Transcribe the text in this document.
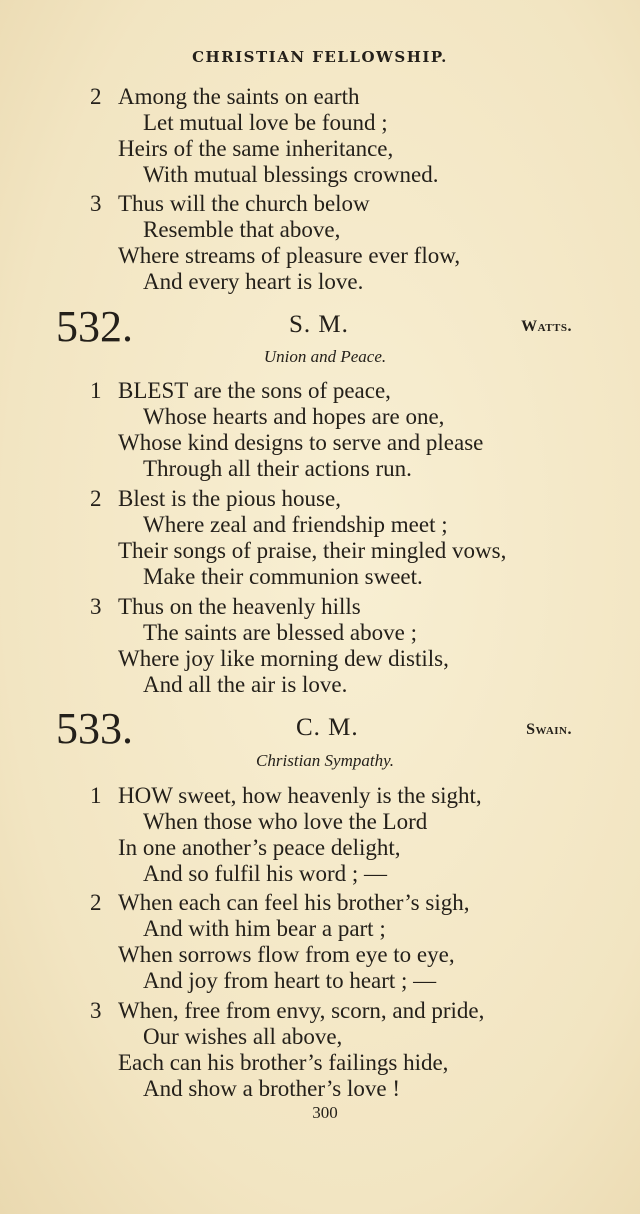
CHRISTIAN FELLOWSHIP.
2 Among the saints on earth
Let mutual love be found ;
Heirs of the same inheritance,
With mutual blessings crowned.
3 Thus will the church below
Resemble that above,
Where streams of pleasure ever flow,
And every heart is love.
532.	S. M.	Watts.
Union and Peace.
1 BLEST are the sons of peace,
Whose hearts and hopes are one,
Whose kind designs to serve and please
Through all their actions run.
2 Blest is the pious house,
Where zeal and friendship meet ;
Their songs of praise, their mingled vows,
Make their communion sweet.
3 Thus on the heavenly hills
The saints are blessed above ;
Where joy like morning dew distils,
And all the air is love.
533.	C. M.	Swain.
Christian Sympathy.
1 HOW sweet, how heavenly is the sight,
When those who love the Lord
In one another’s peace delight,
And so fulfil his word ; —
2 When each can feel his brother’s sigh,
And with him bear a part ;
When sorrows flow from eye to eye,
And joy from heart to heart ; —
3 When, free from envy, scorn, and pride,
Our wishes all above,
Each can his brother’s failings hide,
And show a brother’s love !
300
